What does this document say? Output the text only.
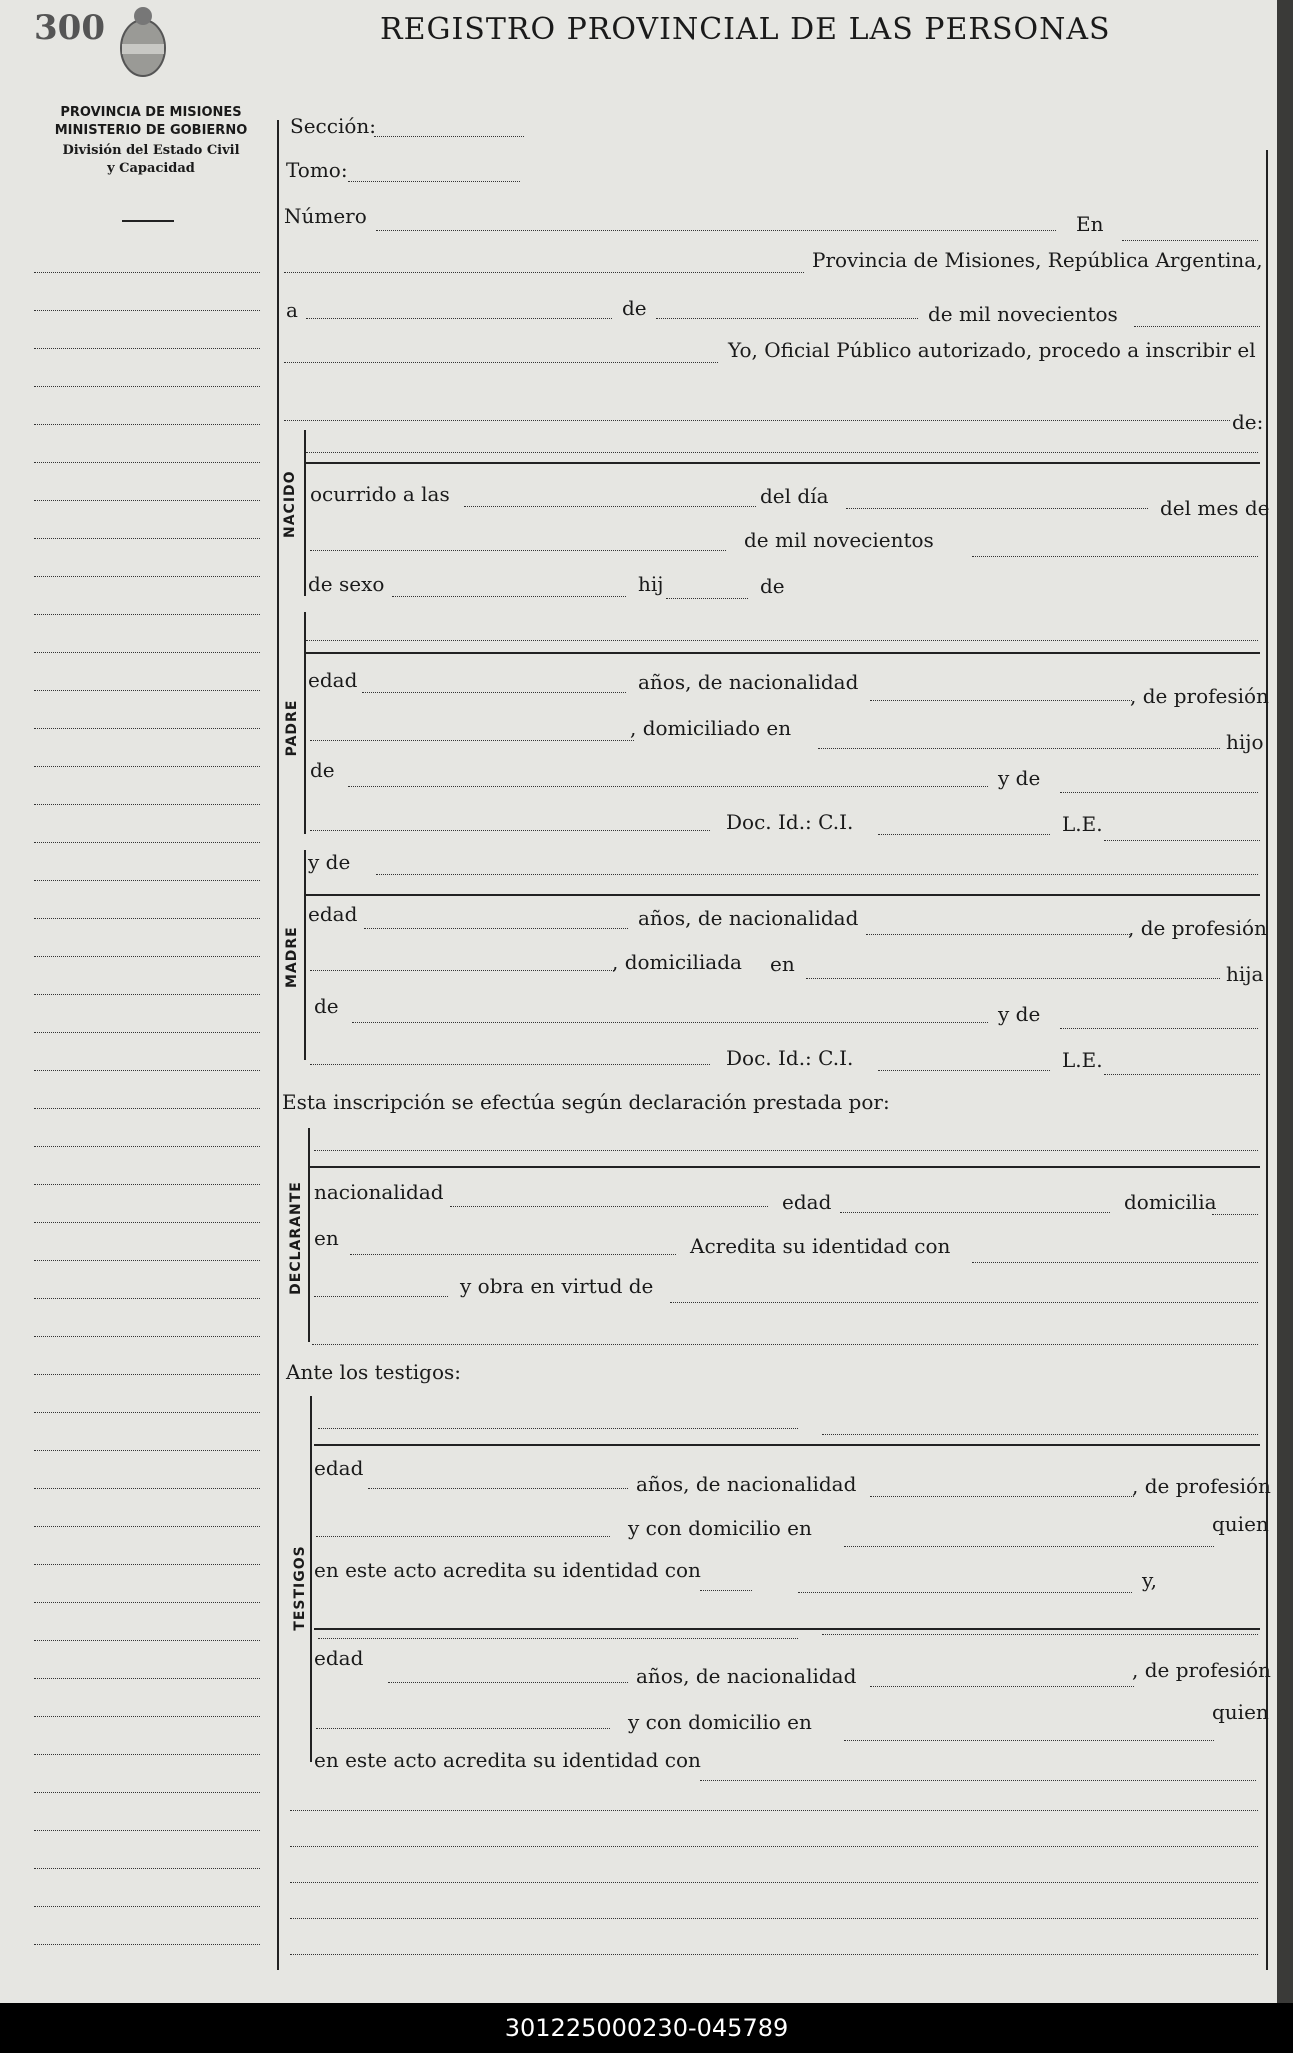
300	REGISTRO PROVINCIAL DE LAS PERSONAS
PROVINCIA DE MISIONES
MINISTERIO DE GOBIERNO
División del Estado Civil
y Capacidad
Sección:
Tomo:
Número	En
Provincia de Misiones, República Argentina,
a	de	de mil novecientos
Yo, Oficial Público autorizado, procedo a inscribir el
de:
NACIDO ocurrido a las	del día	del mes de
de mil novecientos
de sexo	hij	de
PADRE
edad	años, de nacionalidad
, de profesión
, domiciliado en
hijo
de	y de
Doc. Id.: C.I.	L.E.
MADRE
y de
edad	años, de nacionalidad	, de profesión
, domiciliada en	hija
de	y de
Doc. Id.: C.I.	L.E.
Esta inscripción se efectúa según declaración prestada por:
DECLARANTE nacionalidad	edad	domicilia
en	Acredita su identidad con
y obra en virtud de
Ante los testigos:
TESTIGOS
edad
años, de nacionalidad	, de profesión
y con domicilio en	quien
en este acto acredita su identidad con	y,
edad
años, de nacionalidad	, de profesión
y con domicilio en	quien
en este acto acredita su identidad con
301225000230-045789
